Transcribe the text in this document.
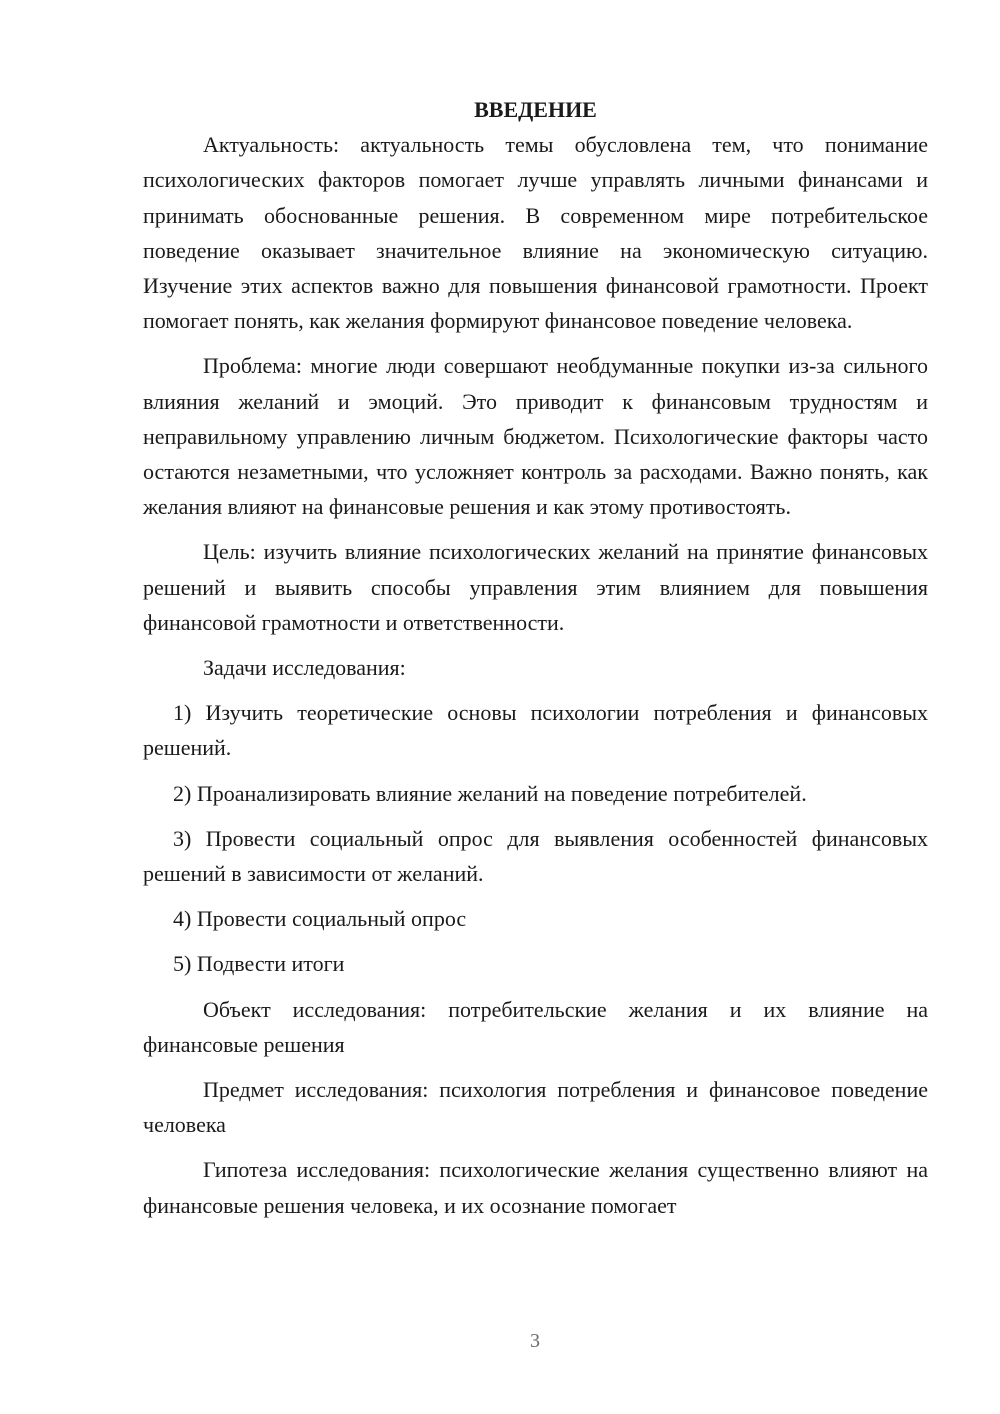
ВВЕДЕНИЕ

Актуальность: актуальность темы обусловлена тем, что понимание психологических факторов помогает лучше управлять личными финансами и принимать обоснованные решения. В современном мире потребительское поведение оказывает значительное влияние на экономическую ситуацию. Изучение этих аспектов важно для повышения финансовой грамотности. Проект помогает понять, как желания формируют финансовое поведение человека.

Проблема: многие люди совершают необдуманные покупки из-за сильного влияния желаний и эмоций. Это приводит к финансовым трудностям и неправильному управлению личным бюджетом. Психологические факторы часто остаются незаметными, что усложняет контроль за расходами. Важно понять, как желания влияют на финансовые решения и как этому противостоять.

Цель: изучить влияние психологических желаний на принятие финансовых решений и выявить способы управления этим влиянием для повышения финансовой грамотности и ответственности.

Задачи исследования:

1) Изучить теоретические основы психологии потребления и финансовых решений.

2) Проанализировать влияние желаний на поведение потребителей.

3) Провести социальный опрос для выявления особенностей финансовых решений в зависимости от желаний.

4) Провести социальный опрос

5) Подвести итоги

Объект исследования: потребительские желания и их влияние на финансовые решения

Предмет исследования: психология потребления и финансовое поведение человека

Гипотеза исследования: психологические желания существенно влияют на финансовые решения человека, и их осознание помогает

3
